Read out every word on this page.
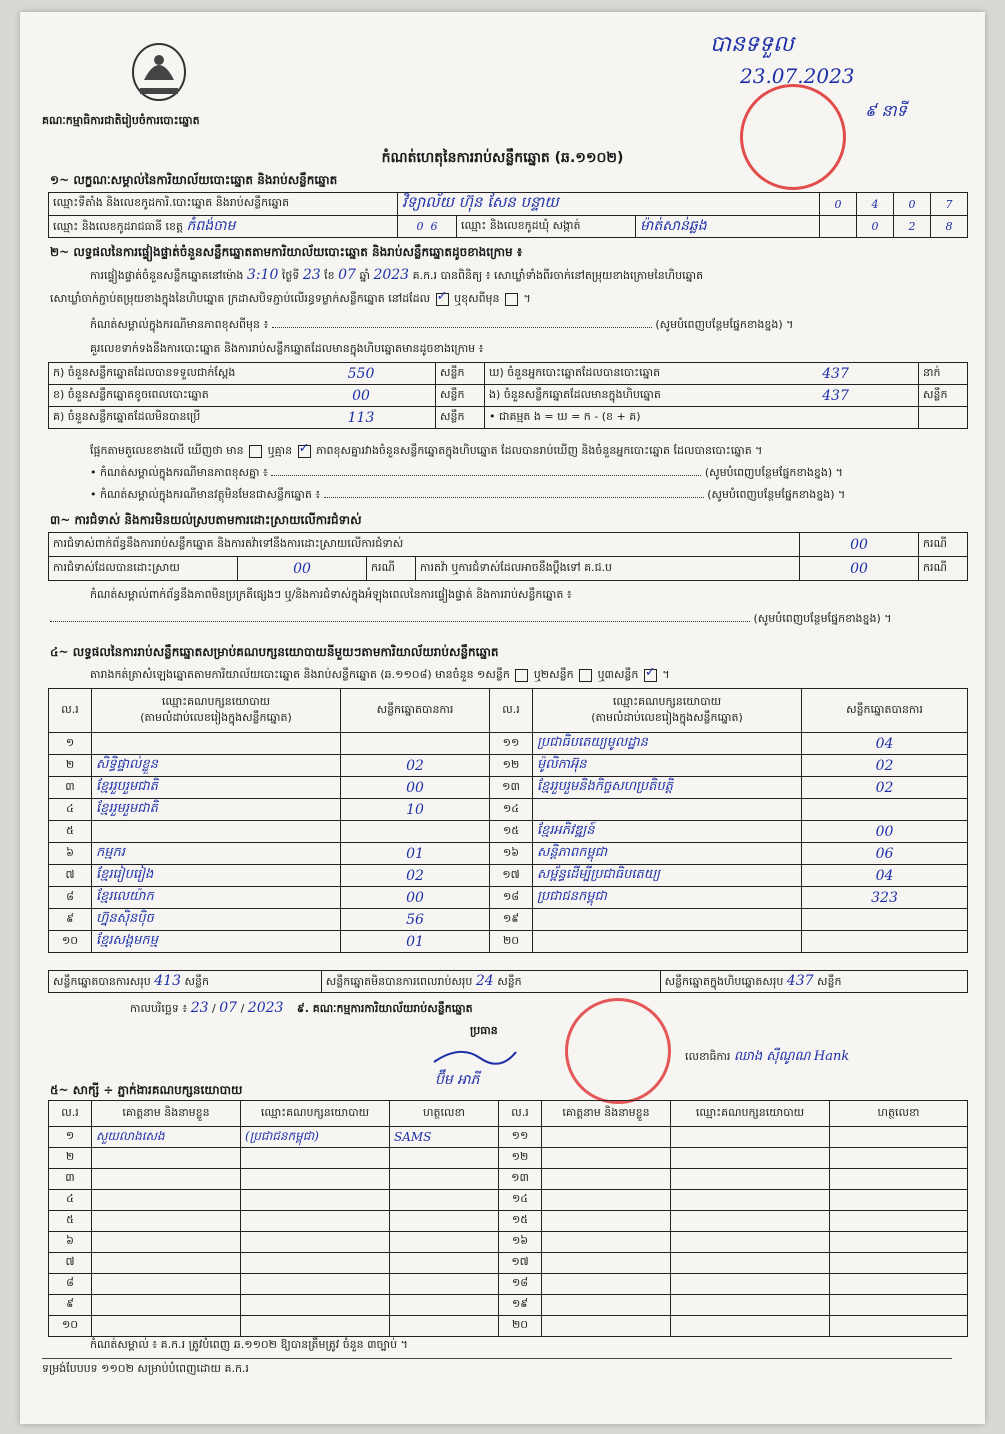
គណៈកម្មាធិការជាតិរៀបចំការបោះឆ្នោត
បានទទួល
23.07.2023
៩ នាទី
កំណត់ហេតុនៃការរាប់សន្លឹកឆ្នោត (ឆ.១១០២)
១~ លក្ខណៈសម្គាល់នៃការិយាល័យបោះឆ្នោត និងរាប់សន្លឹកឆ្នោត
ឈ្មោះទីតាំង និងលេខកូដការិ.បោះឆ្នោត និងរាប់សន្លឹកឆ្នោត	វិទ្យាល័យ ហ៊ុន សែន បន្ទាយ			0	4	0	7
ឈ្មោះ និងលេខកូដរាជធានី ខេត្ត កំពង់ចាម	0 6	ឈ្មោះ និងលេខកូដឃុំ សង្កាត់	ម៉ាត់សាន់ឆ្លង		0	2	8
២~ លទ្ធផលនៃការផ្ទៀងផ្ទាត់ចំនួនសន្លឹកឆ្នោតតាមការិយាល័យបោះឆ្នោត និងរាប់សន្លឹកឆ្នោតដូចខាងក្រោម ៖
ការផ្ទៀងផ្ទាត់ចំនួនសន្លឹកឆ្នោតនៅម៉ោង 3:10 ថ្ងៃទី 23 ខែ 07 ឆ្នាំ 2023 គ.ក.រ បានពិនិត្យ ៖ សោឃ្លាំទាំងពីរចាក់នៅតម្រុយខាងក្រោមនៃហិបឆ្នោត
សោឃ្លាំចាក់ភ្ជាប់តម្រុយខាងក្នុងនៃហិបឆ្នោត ក្រដាសបិទភ្ជាប់លើរន្ធទម្លាក់សន្លឹកឆ្នោត នៅដដែល ✓ ឬខុសពីមុន  ។
កំណត់សម្គាល់ក្នុងករណីមានភាពខុសពីមុន ៖	(សូមបំពេញបន្ថែមផ្នែកខាងខ្នង) ។
គួរលេខទាក់ទងនឹងការបោះឆ្នោត និងការរាប់សន្លឹកឆ្នោតដែលមានក្នុងហិបឆ្នោតមានដូចខាងក្រោម ៖
ក) ចំនួនសន្លឹកឆ្នោតដែលបានទទួលជាក់ស្តែង	550	សន្លឹក	ឃ) ចំនួនអ្នកបោះឆ្នោតដែលបានបោះឆ្នោត	437	នាក់
ខ) ចំនួនសន្លឹកឆ្នោតខូចពេលបោះឆ្នោត	00	សន្លឹក	ង) ចំនួនសន្លឹកឆ្នោតដែលមានក្នុងហិបឆ្នោត	437	សន្លឹក
គ) ចំនួនសន្លឹកឆ្នោតដែលមិនបានប្រើ	113	សន្លឹក	• ជាគម្មត ង = ឃ = ក - (ខ + គ)		
ផ្អែកតាមតួលេខខាងលើ ឃើញថា មាន ឬគ្មាន ✓ ភាពខុសគ្នារវាងចំនួនសន្លឹកឆ្នោតក្នុងហិបឆ្នោត ដែលបានរាប់ឃើញ និងចំនួនអ្នកបោះឆ្នោត ដែលបានបោះឆ្នោត ។
• កំណត់សម្គាល់ក្នុងករណីមានភាពខុសគ្នា ៖	(សូមបំពេញបន្ថែមផ្នែកខាងខ្នង) ។
• កំណត់សម្គាល់ក្នុងករណីមានវត្ថុមិនមែនជាសន្លឹកឆ្នោត ៖	(សូមបំពេញបន្ថែមផ្នែកខាងខ្នង) ។
៣~ ការជំទាស់ និងការមិនយល់ស្របតាមការដោះស្រាយលើការជំទាស់
ការជំទាស់ពាក់ព័ន្ធនឹងការរាប់សន្លឹកឆ្នោត និងការតវ៉ាទៅនឹងការដោះស្រាយលើការជំទាស់				00	ករណី
ការជំទាស់ដែលបានដោះស្រាយ	00	ករណី	ការតវ៉ា ឬការជំទាស់ដែលអាចនឹងប្តឹងទៅ គ.ជ.ប	00	ករណី
កំណត់សម្គាល់ពាក់ព័ន្ធនឹងភាពមិនប្រក្រតីផ្សេងៗ ឬ/និងការជំទាស់ក្នុងអំឡុងពេលនៃការផ្ទៀងផ្ទាត់ និងការរាប់សន្លឹកឆ្នោត ៖
(សូមបំពេញបន្ថែមផ្នែកខាងខ្នង) ។
៤~ លទ្ធផលនៃការរាប់សន្លឹកឆ្នោតសម្រាប់គណបក្សនយោបាយនីមួយៗតាមការិយាល័យរាប់សន្លឹកឆ្នោត
តារាងកត់ត្រាសំឡេងឆ្នោតតាមការិយាល័យបោះឆ្នោត និងរាប់សន្លឹកឆ្នោត (ឆ.១១០៨) មានចំនួន ១សន្លឹក ឬ២សន្លឹក ឬ៣សន្លឹក ✓ ។
ល.រ	ឈ្មោះគណបក្សនយោបាយ
(តាមលំដាប់លេខរៀងក្នុងសន្លឹកឆ្នោត)	សន្លឹកឆ្នោតបានការ	ល.រ	ឈ្មោះគណបក្សនយោបាយ
(តាមលំដាប់លេខរៀងក្នុងសន្លឹកឆ្នោត)	សន្លឹកឆ្នោតបានការ
១			១១	ប្រជាធិបតេយ្យមូលដ្ឋាន	04
២	សិទ្ធិផ្ទាល់ខ្លួន	02	១២	ម៉ូលិកាអ៊ុន	02
៣	ខ្មែររួបរួមជាតិ	00	១៣	ខ្មែររួបរួមនិងកិច្ចសហប្រតិបត្តិ	02
៤	ខ្មែររួមរួមជាតិ	10	១៤		
៥			១៥	ខ្មែរអភិវឌ្ឍន៍	00
៦	កម្មករ	01	១៦	សន្តិភាពកម្ពុជា	06
៧	ខ្មែររៀបរៀង	02	១៧	សម្ព័ន្ធដើម្បីប្រជាធិបតេយ្យ	04
៨	ខ្មែរលេយ៉ាក	00	១៨	ប្រជាជនកម្ពុជា	323
៩	ហ្វ៊ុនស៊ិនប៉ិច	56	១៩		
១០	ខ្មែរសង្គមកម្ម	01	២០		
សន្លឹកឆ្នោតបានការសរុប 413 សន្លឹក	សន្លឹកឆ្នោតមិនបានការពេលរាប់សរុប 24 សន្លឹក	សន្លឹកឆ្នោតក្នុងហិបឆ្នោតសរុប 437 សន្លឹក
កាលបរិច្ឆេទ ៖ 23 / 07 / 2023 ៩. គណៈកម្មការការិយាល័យរាប់សន្លឹកឆ្នោត
ប្រធាន
ប៊ឹម អាភី
លេខាធិការ ឈាង ស៊ីណូណ Hank
៥~ សាក្សី ÷ ភ្នាក់ងារគណបក្សនយោបាយ
ល.រ	គោត្តនាម និងនាមខ្លួន	ឈ្មោះគណបក្សនយោបាយ	ហត្ថលេខា	ល.រ	គោត្តនាម និងនាមខ្លួន	ឈ្មោះគណបក្សនយោបាយ	ហត្ថលេខា
១	សួយលាងសេង	(ប្រជាជនកម្ពុជា)	SAMS	១១			
២				១២			
៣				១៣			
៤				១៤			
៥				១៥			
៦				១៦			
៧				១៧			
៨				១៨			
៩				១៩			
១០				២០			
កំណត់សម្គាល់ ៖ គ.ក.រ ត្រូវបំពេញ ឆ.១១០២ ឱ្យបានត្រឹមត្រូវ ចំនួន ៣ច្បាប់ ។
ទម្រង់បែបបទ ១១០២ សម្រាប់បំពេញដោយ គ.ក.រ
